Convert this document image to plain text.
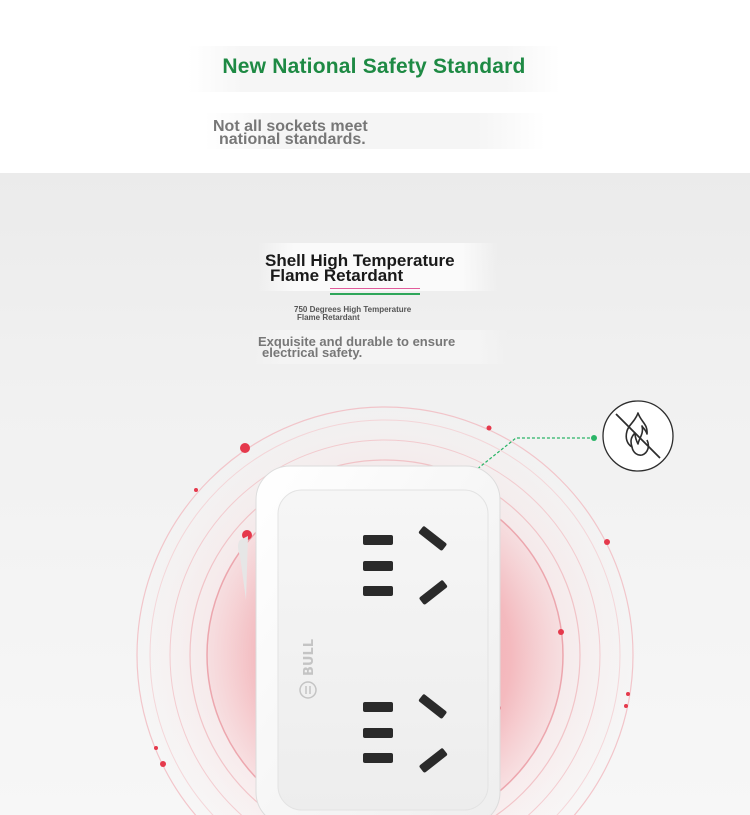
New National Safety Standard
Not all sockets meet
national standards.
Shell High Temperature
Flame Retardant
750 Degrees High Temperature
Flame Retardant
Exquisite and durable to ensure
electrical safety.
BULL
